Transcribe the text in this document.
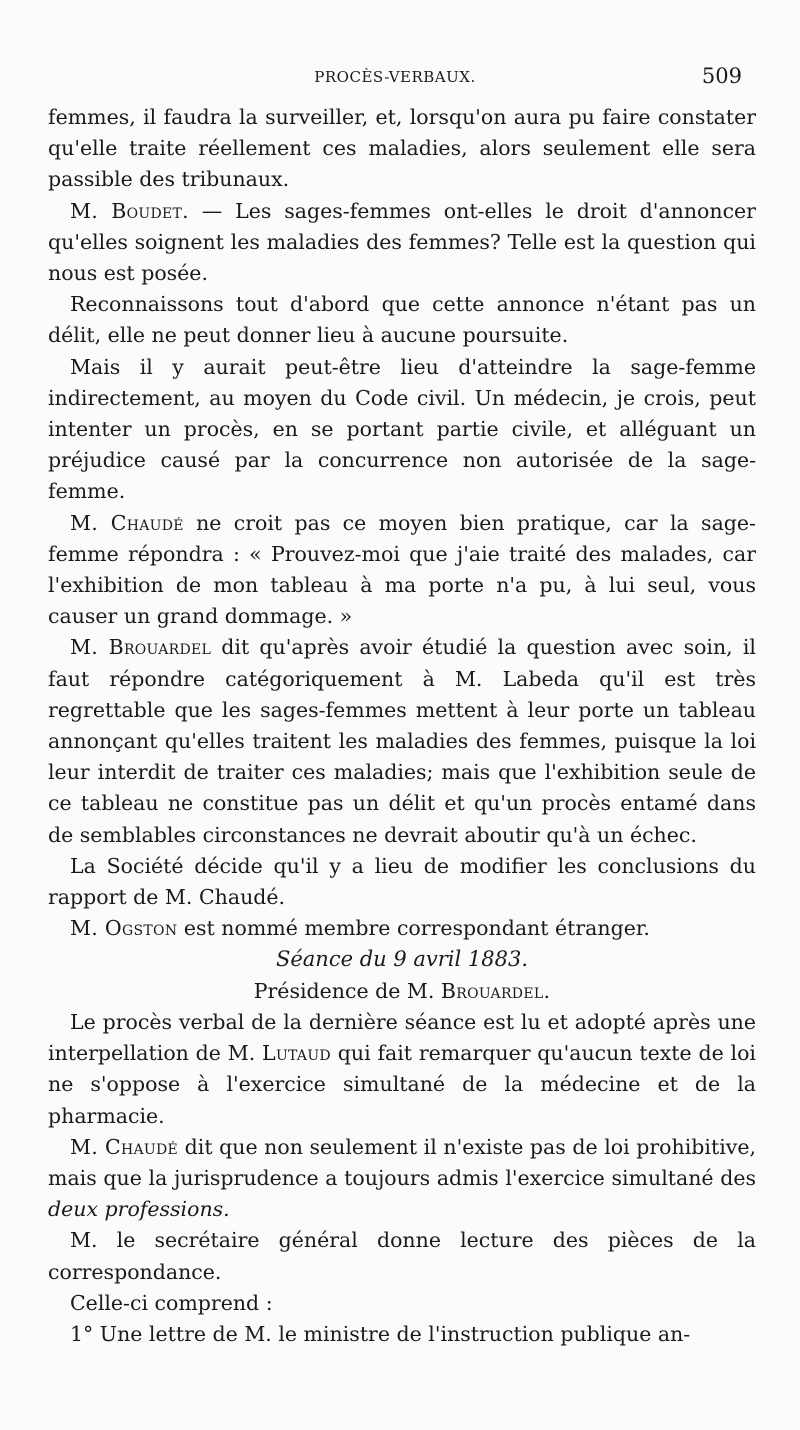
PROCÈS-VERBAUX.	509

femmes, il faudra la surveiller, et, lorsqu'on aura pu faire constater qu'elle traite réellement ces maladies, alors seulement elle sera passible des tribunaux.

M. Boudet. — Les sages-femmes ont-elles le droit d'annoncer qu'elles soignent les maladies des femmes? Telle est la question qui nous est posée.

Reconnaissons tout d'abord que cette annonce n'étant pas un délit, elle ne peut donner lieu à aucune poursuite.

Mais il y aurait peut-être lieu d'atteindre la sage-femme indirectement, au moyen du Code civil. Un médecin, je crois, peut intenter un procès, en se portant partie civile, et alléguant un préjudice causé par la concurrence non autorisée de la sage-femme.

M. Chaudé ne croit pas ce moyen bien pratique, car la sage-femme répondra : « Prouvez-moi que j'aie traité des malades, car l'exhibition de mon tableau à ma porte n'a pu, à lui seul, vous causer un grand dommage. »

M. Brouardel dit qu'après avoir étudié la question avec soin, il faut répondre catégoriquement à M. Labeda qu'il est très regrettable que les sages-femmes mettent à leur porte un tableau annonçant qu'elles traitent les maladies des femmes, puisque la loi leur interdit de traiter ces maladies; mais que l'exhibition seule de ce tableau ne constitue pas un délit et qu'un procès entamé dans de semblables circonstances ne devrait aboutir qu'à un échec.

La Société décide qu'il y a lieu de modifier les conclusions du rapport de M. Chaudé.

M. Ogston est nommé membre correspondant étranger.

Séance du 9 avril 1883.

Présidence de M. Brouardel.

Le procès verbal de la dernière séance est lu et adopté après une interpellation de M. Lutaud qui fait remarquer qu'aucun texte de loi ne s'oppose à l'exercice simultané de la médecine et de la pharmacie.

M. Chaudé dit que non seulement il n'existe pas de loi prohibitive, mais que la jurisprudence a toujours admis l'exercice simultané des deux professions.

M. le secrétaire général donne lecture des pièces de la correspondance.

Celle-ci comprend :

1° Une lettre de M. le ministre de l'instruction publique an-
